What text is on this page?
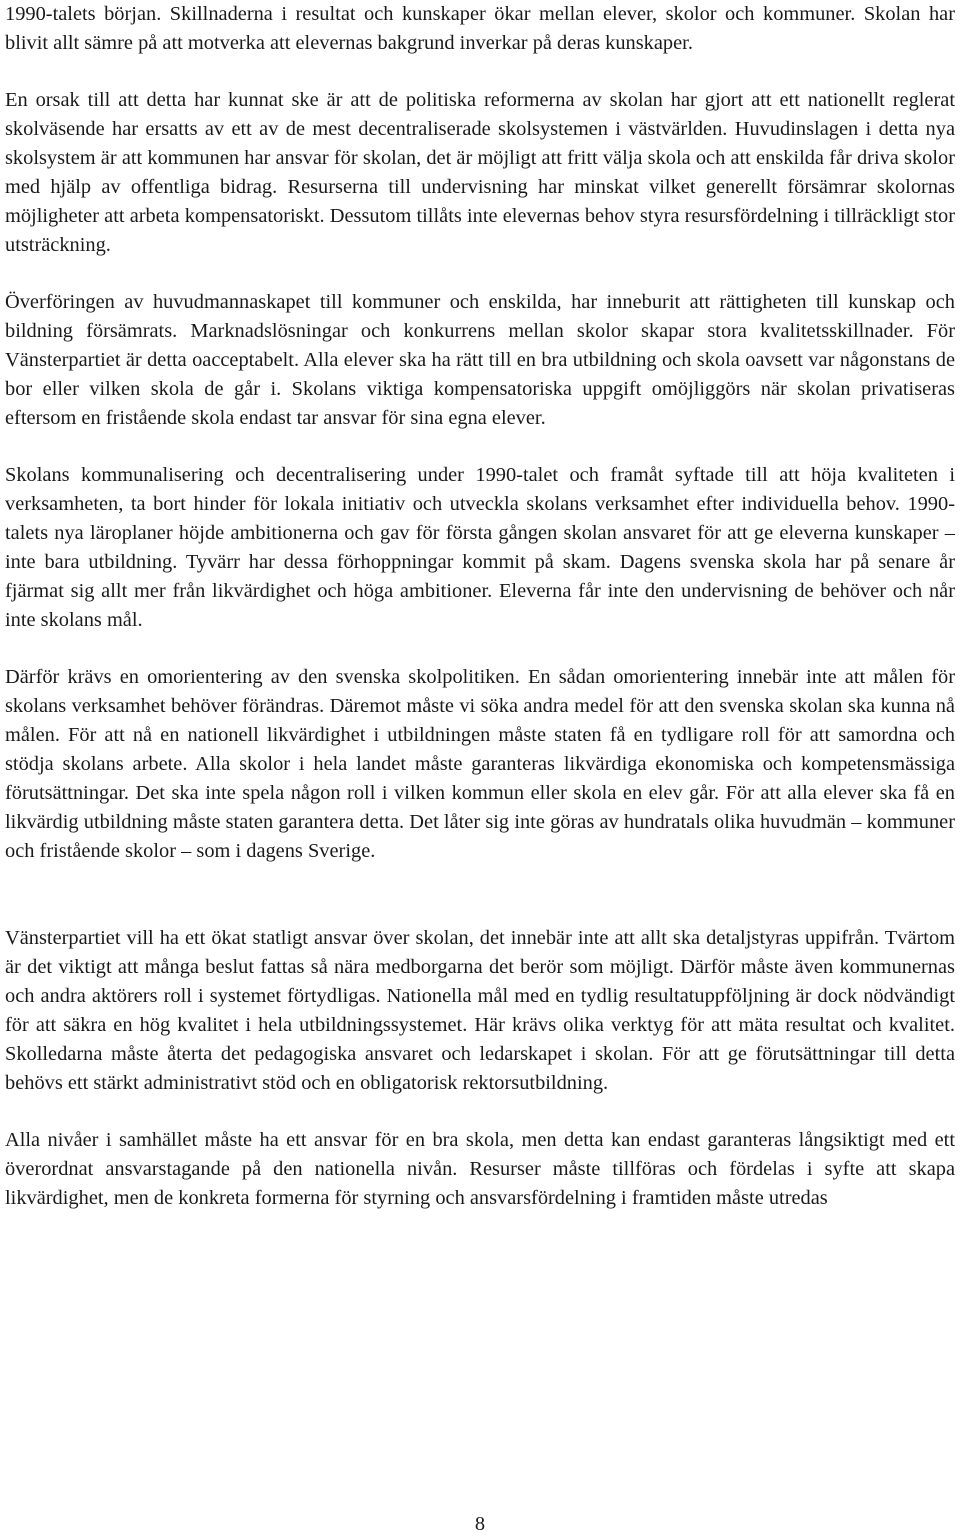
1990-talets början. Skillnaderna i resultat och kunskaper ökar mellan elever, skolor och kommuner. Skolan har blivit allt sämre på att motverka att elevernas bakgrund inverkar på deras kunskaper.

En orsak till att detta har kunnat ske är att de politiska reformerna av skolan har gjort att ett nationellt reglerat skolväsende har ersatts av ett av de mest decentraliserade skolsystemen i västvärlden. Huvudinslagen i detta nya skolsystem är att kommunen har ansvar för skolan, det är möjligt att fritt välja skola och att enskilda får driva skolor med hjälp av offentliga bidrag. Resurserna till undervisning har minskat vilket generellt försämrar skolornas möjligheter att arbeta kompensatoriskt. Dessutom tillåts inte elevernas behov styra resursfördelning i tillräckligt stor utsträckning.

Överföringen av huvudmannaskapet till kommuner och enskilda, har inneburit att rättigheten till kunskap och bildning försämrats. Marknadslösningar och konkurrens mellan skolor skapar stora kvalitetsskillnader. För Vänsterpartiet är detta oacceptabelt. Alla elever ska ha rätt till en bra utbildning och skola oavsett var någonstans de bor eller vilken skola de går i. Skolans viktiga kompensatoriska uppgift omöjliggörs när skolan privatiseras eftersom en fristående skola endast tar ansvar för sina egna elever.

Skolans kommunalisering och decentralisering under 1990-talet och framåt syftade till att höja kvaliteten i verksamheten, ta bort hinder för lokala initiativ och utveckla skolans verksamhet efter individuella behov. 1990-talets nya läroplaner höjde ambitionerna och gav för första gången skolan ansvaret för att ge eleverna kunskaper – inte bara utbildning. Tyvärr har dessa förhoppningar kommit på skam. Dagens svenska skola har på senare år fjärmat sig allt mer från likvärdighet och höga ambitioner. Eleverna får inte den undervisning de behöver och når inte skolans mål.

Därför krävs en omorientering av den svenska skolpolitiken. En sådan omorientering innebär inte att målen för skolans verksamhet behöver förändras. Däremot måste vi söka andra medel för att den svenska skolan ska kunna nå målen. För att nå en nationell likvärdighet i utbildningen måste staten få en tydligare roll för att samordna och stödja skolans arbete. Alla skolor i hela landet måste garanteras likvärdiga ekonomiska och kompetensmässiga förutsättningar. Det ska inte spela någon roll i vilken kommun eller skola en elev går. För att alla elever ska få en likvärdig utbildning måste staten garantera detta. Det låter sig inte göras av hundratals olika huvudmän – kommuner och fristående skolor – som i dagens Sverige.

Vänsterpartiet vill ha ett ökat statligt ansvar över skolan, det innebär inte att allt ska detaljstyras uppifrån. Tvärtom är det viktigt att många beslut fattas så nära medborgarna det berör som möjligt. Därför måste även kommunernas och andra aktörers roll i systemet förtydligas. Nationella mål med en tydlig resultatuppföljning är dock nödvändigt för att säkra en hög kvalitet i hela utbildningssystemet. Här krävs olika verktyg för att mäta resultat och kvalitet. Skolledarna måste återta det pedagogiska ansvaret och ledarskapet i skolan. För att ge förutsättningar till detta behövs ett stärkt administrativt stöd och en obligatorisk rektorsutbildning.

Alla nivåer i samhället måste ha ett ansvar för en bra skola, men detta kan endast garanteras långsiktigt med ett överordnat ansvarstagande på den nationella nivån. Resurser måste tillföras och fördelas i syfte att skapa likvärdighet, men de konkreta formerna för styrning och ansvarsfördelning i framtiden måste utredas

8
